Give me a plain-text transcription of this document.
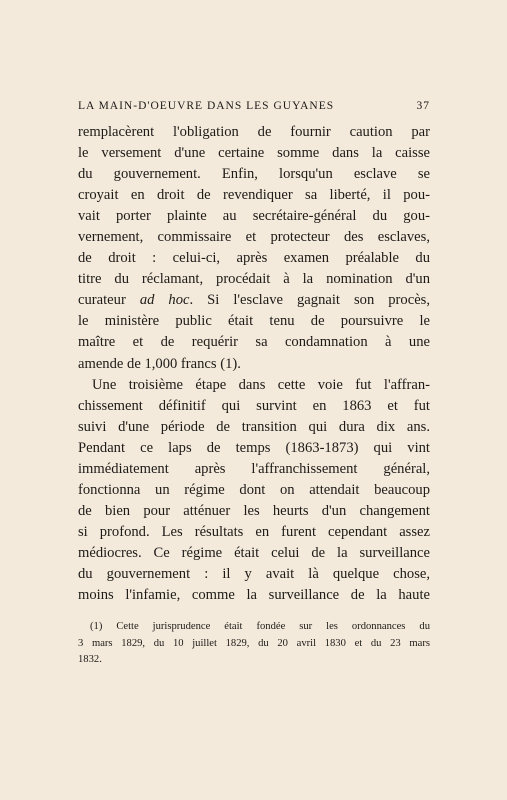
LA MAIN-D'OEUVRE DANS LES GUYANES	37
remplacèrent l'obligation de fournir caution par
le versement d'une certaine somme dans la caisse
du gouvernement. Enfin, lorsqu'un esclave se
croyait en droit de revendiquer sa liberté, il pou-
vait porter plainte au secrétaire-général du gou-
vernement, commissaire et protecteur des esclaves,
de droit : celui-ci, après examen préalable du
titre du réclamant, procédait à la nomination d'un
curateur ad hoc. Si l'esclave gagnait son procès,
le ministère public était tenu de poursuivre le
maître et de requérir sa condamnation à une
amende de 1,000 francs (1).
Une troisième étape dans cette voie fut l'affran-
chissement définitif qui survint en 1863 et fut
suivi d'une période de transition qui dura dix ans.
Pendant ce laps de temps (1863-1873) qui vint
immédiatement après l'affranchissement général,
fonctionna un régime dont on attendait beaucoup
de bien pour atténuer les heurts d'un changement
si profond. Les résultats en furent cependant assez
médiocres. Ce régime était celui de la surveillance
du gouvernement : il y avait là quelque chose,
moins l'infamie, comme la surveillance de la haute
(1) Cette jurisprudence était fondée sur les ordonnances du
3 mars 1829, du 10 juillet 1829, du 20 avril 1830 et du 23 mars
1832.
